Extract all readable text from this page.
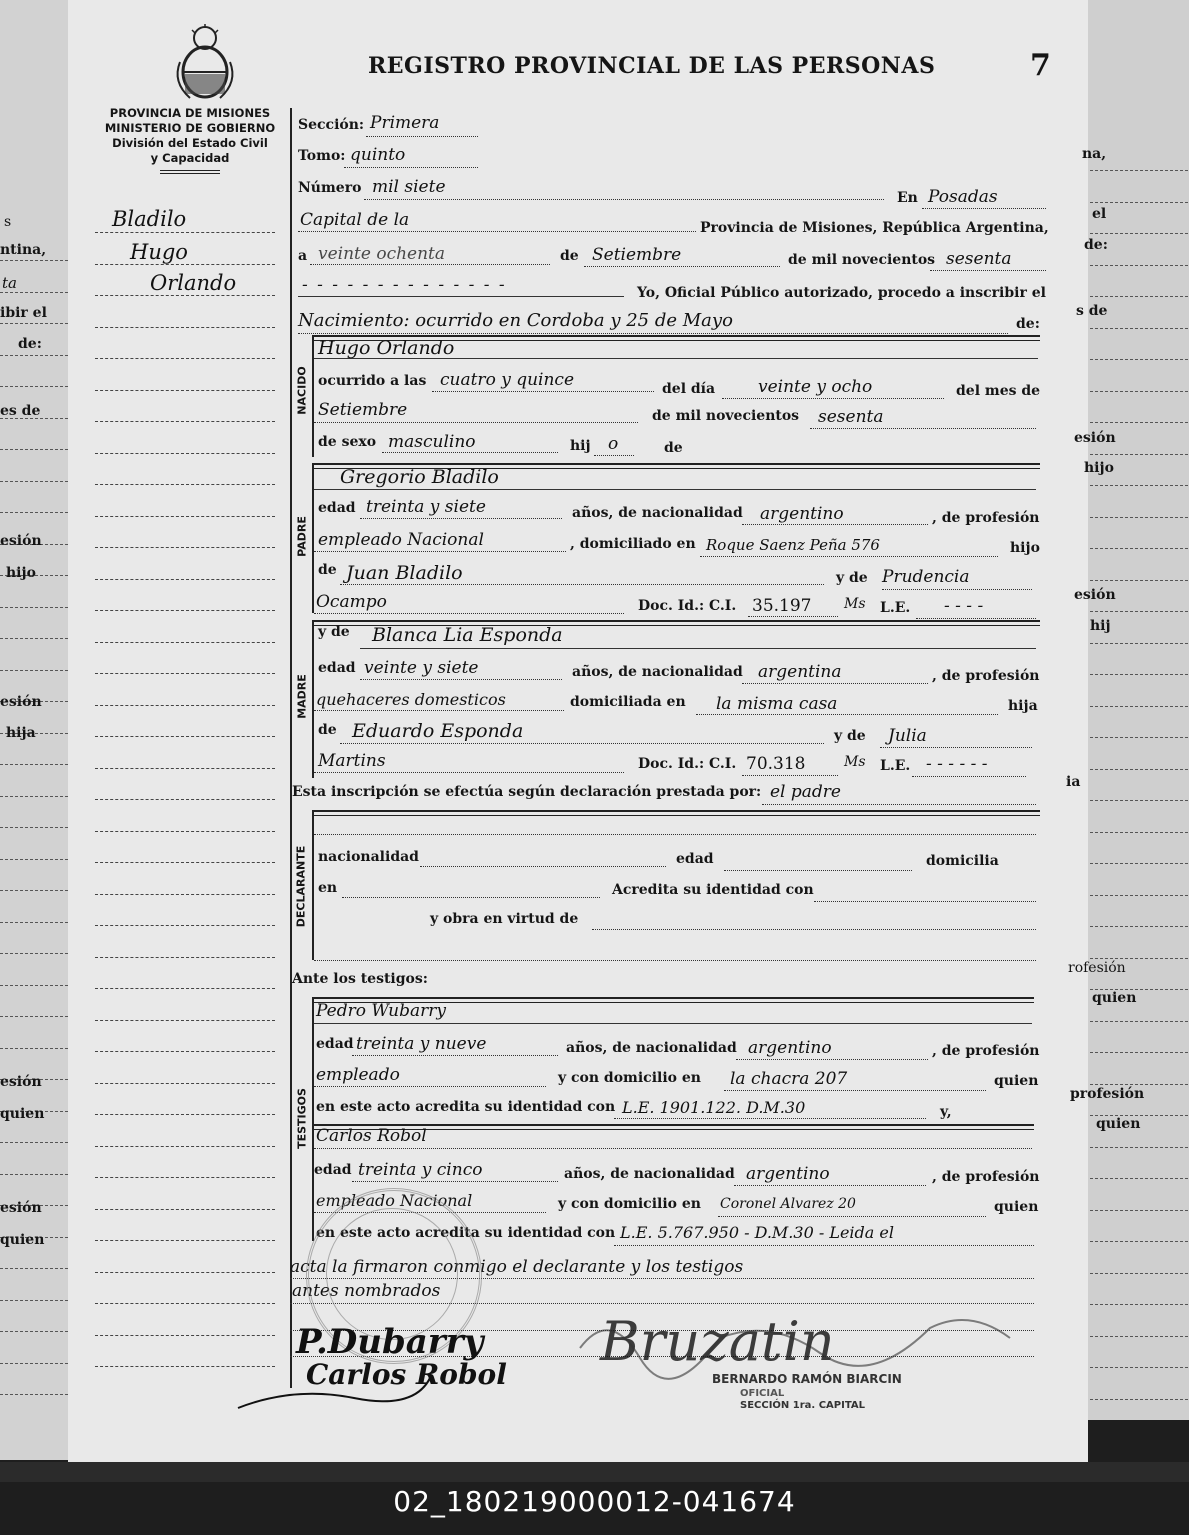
s
ntina,
ta
ibir el
de:
es de
esión
hijo
esión
hija
esión
quien
esión
quien
na,
el
de:
s de
esión
hijo
esión
hij
ia
rofesión
quien
profesión
quien
PROVINCIA DE MISIONES
MINISTERIO DE GOBIERNO
División del Estado Civil
y Capacidad
REGISTRO PROVINCIAL DE LAS PERSONAS	7
Bladilo
Hugo
Orlando
Sección: Primera
Tomo: quinto
Número mil siete
En Posadas
Capital de la	Provincia de Misiones, República Argentina,
a veinte ochenta	de Setiembre	de mil novecientos sesenta
- - - - - - - - - - - - - -	Yo, Oficial Público autorizado, procedo a inscribir el
Nacimiento: ocurrido en Cordoba y 25 de Mayo	de:
NACIDO
Hugo Orlando
ocurrido a las cuatro y quince	del día	veinte y ocho	del mes de
Setiembre	de mil novecientos sesenta
de sexo masculino	hij o	de
PADRE
Gregorio Bladilo
edad treinta y siete	años, de nacionalidad argentino	, de profesión
empleado Nacional	, domiciliado en Roque Saenz Peña 576	hijo
de Juan Bladilo	y de Prudencia
Ocampo	Doc. Id.: C.I. 35.197 Ms L.E. - - - -
MADRE
y de Blanca Lia Esponda
edad veinte y siete	años, de nacionalidad argentina	, de profesión
quehaceres domesticos	domiciliada en la misma casa	hija
de Eduardo Esponda	y de Julia
Martins	Doc. Id.: C.I. 70.318	Ms L.E. - - - - - -
Esta inscripción se efectúa según declaración prestada por: el padre
DECLARANTE nacionalidad	edad	domicilia
en	Acredita su identidad con
y obra en virtud de
Ante los testigos:
TESTIGOS
Pedro Wubarry
edad treinta y nueve	años, de nacionalidad argentino	, de profesión
empleado	y con domicilio en la chacra 207	quien
en este acto acredita su identidad con L.E. 1901.122. D.M.30	y,
Carlos Robol
edad treinta y cinco	años, de nacionalidad argentino	, de profesión
empleado Nacional	y con domicilio en Coronel Alvarez 20	quien
en este acto acredita su identidad con L.E. 5.767.950 - D.M.30 - Leida el
acta la firmaron conmigo el declarante y los testigos
antes nombrados
P.Dubarry
Carlos Robol
Bruzatin
BERNARDO RAMÓN BIARCIN
OFICIAL
SECCIÓN 1ra. CAPITAL
02_180219000012-041674
